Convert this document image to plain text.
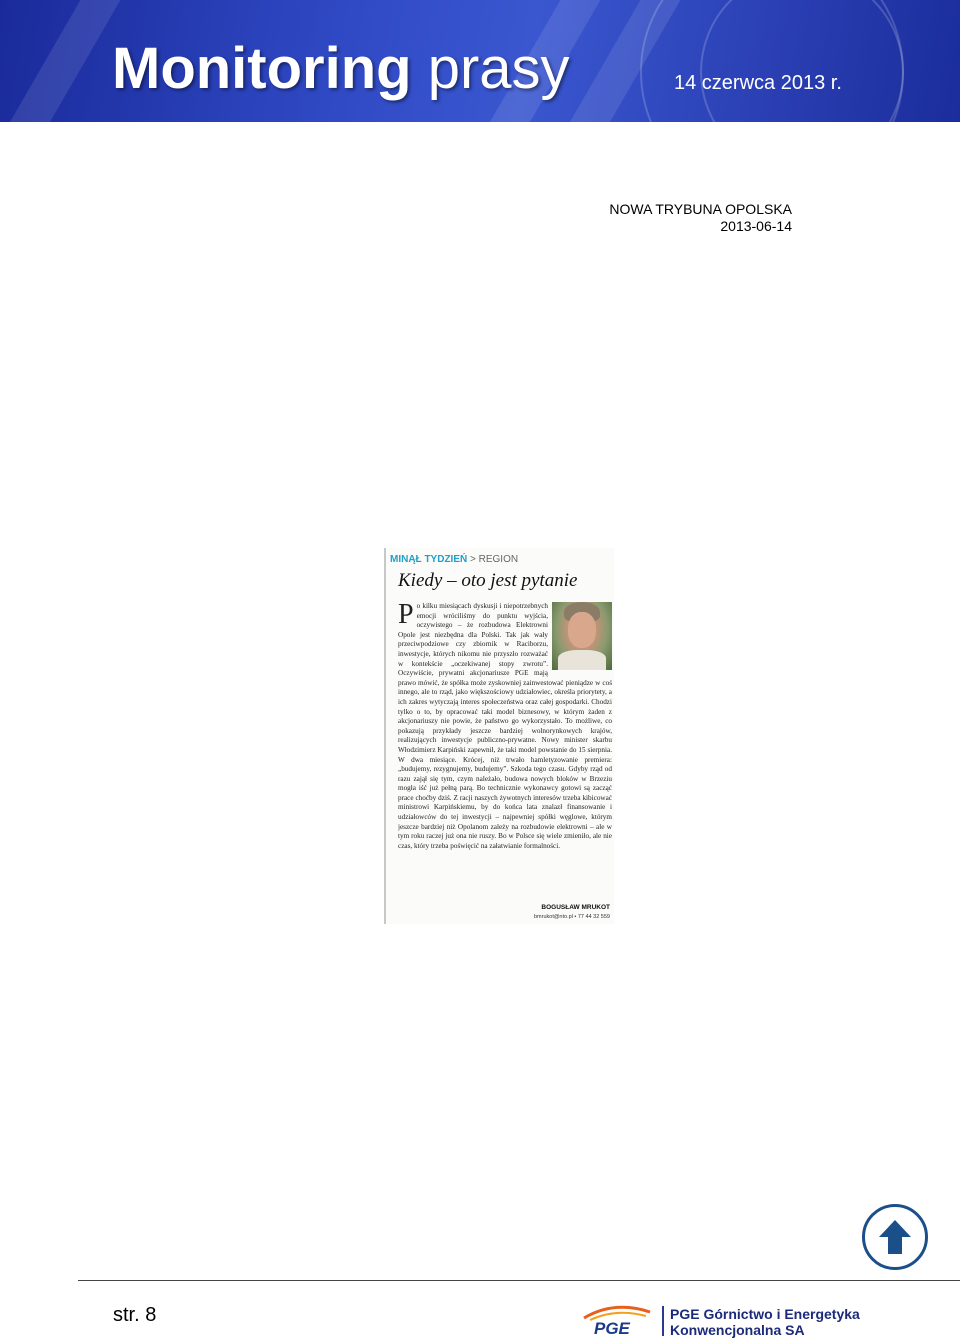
Monitoring prasy	14 czerwca 2013 r.
NOWA TRYBUNA OPOLSKA
2013-06-14
MINĄŁ TYDZIEŃ > REGION
Kiedy – oto jest pytanie
Po kilku miesiącach dyskusji i niepotrzebnych emocji wróciliśmy do punktu wyjścia, oczywistego – że rozbudowa Elektrowni Opole jest niezbędna dla Polski. Tak jak wały przeciwpodziowe czy zbiornik w Raciborzu, inwestycje, których nikomu nie przyszło rozważać w kontekście „oczekiwanej stopy zwrotu”. Oczywiście, prywatni akcjonariusze PGE mają prawo mówić, że spółka może zyskowniej zainwestować pieniądze w coś innego, ale to rząd, jako większościowy udziałowiec, określa priorytety, a ich zakres wytyczają interes społeczeństwa oraz całej gospodarki. Chodzi tylko o to, by opracować taki model biznesowy, w którym żaden z akcjonariuszy nie powie, że państwo go wykorzystało. To możliwe, co pokazują przykłady jeszcze bardziej wolnorynkowych krajów, realizujących inwestycje publiczno-prywatne. Nowy minister skarbu Włodzimierz Karpiński zapewnił, że taki model powstanie do 15 sierpnia. W dwa miesiące. Krócej, niż trwało hamletyzowanie premiera: „budujemy, rezygnujemy, budujemy”. Szkoda tego czasu. Gdyby rząd od razu zajął się tym, czym należało, budowa nowych bloków w Brzeziu mogła iść już pełną parą. Bo technicznie wykonawcy gotowi są zacząć prace choćby dziś. Z racji naszych żywotnych interesów trzeba kibicować ministrowi Karpińskiemu, by do końca lata znalazł finansowanie i udziałowców do tej inwestycji – najpewniej spółki węglowe, którym jeszcze bardziej niż Opolanom zależy na rozbudowie elektrowni – ale w tym roku raczej już ona nie ruszy. Bo w Polsce się wiele zmieniło, ale nie czas, który trzeba poświęcić na załatwianie formalności.
BOGUSŁAW MRUKOT
bmrukot@nto.pl • 77 44 32 559
str. 8
PGE
PGE Górnictwo i Energetyka
Konwencjonalna SA
